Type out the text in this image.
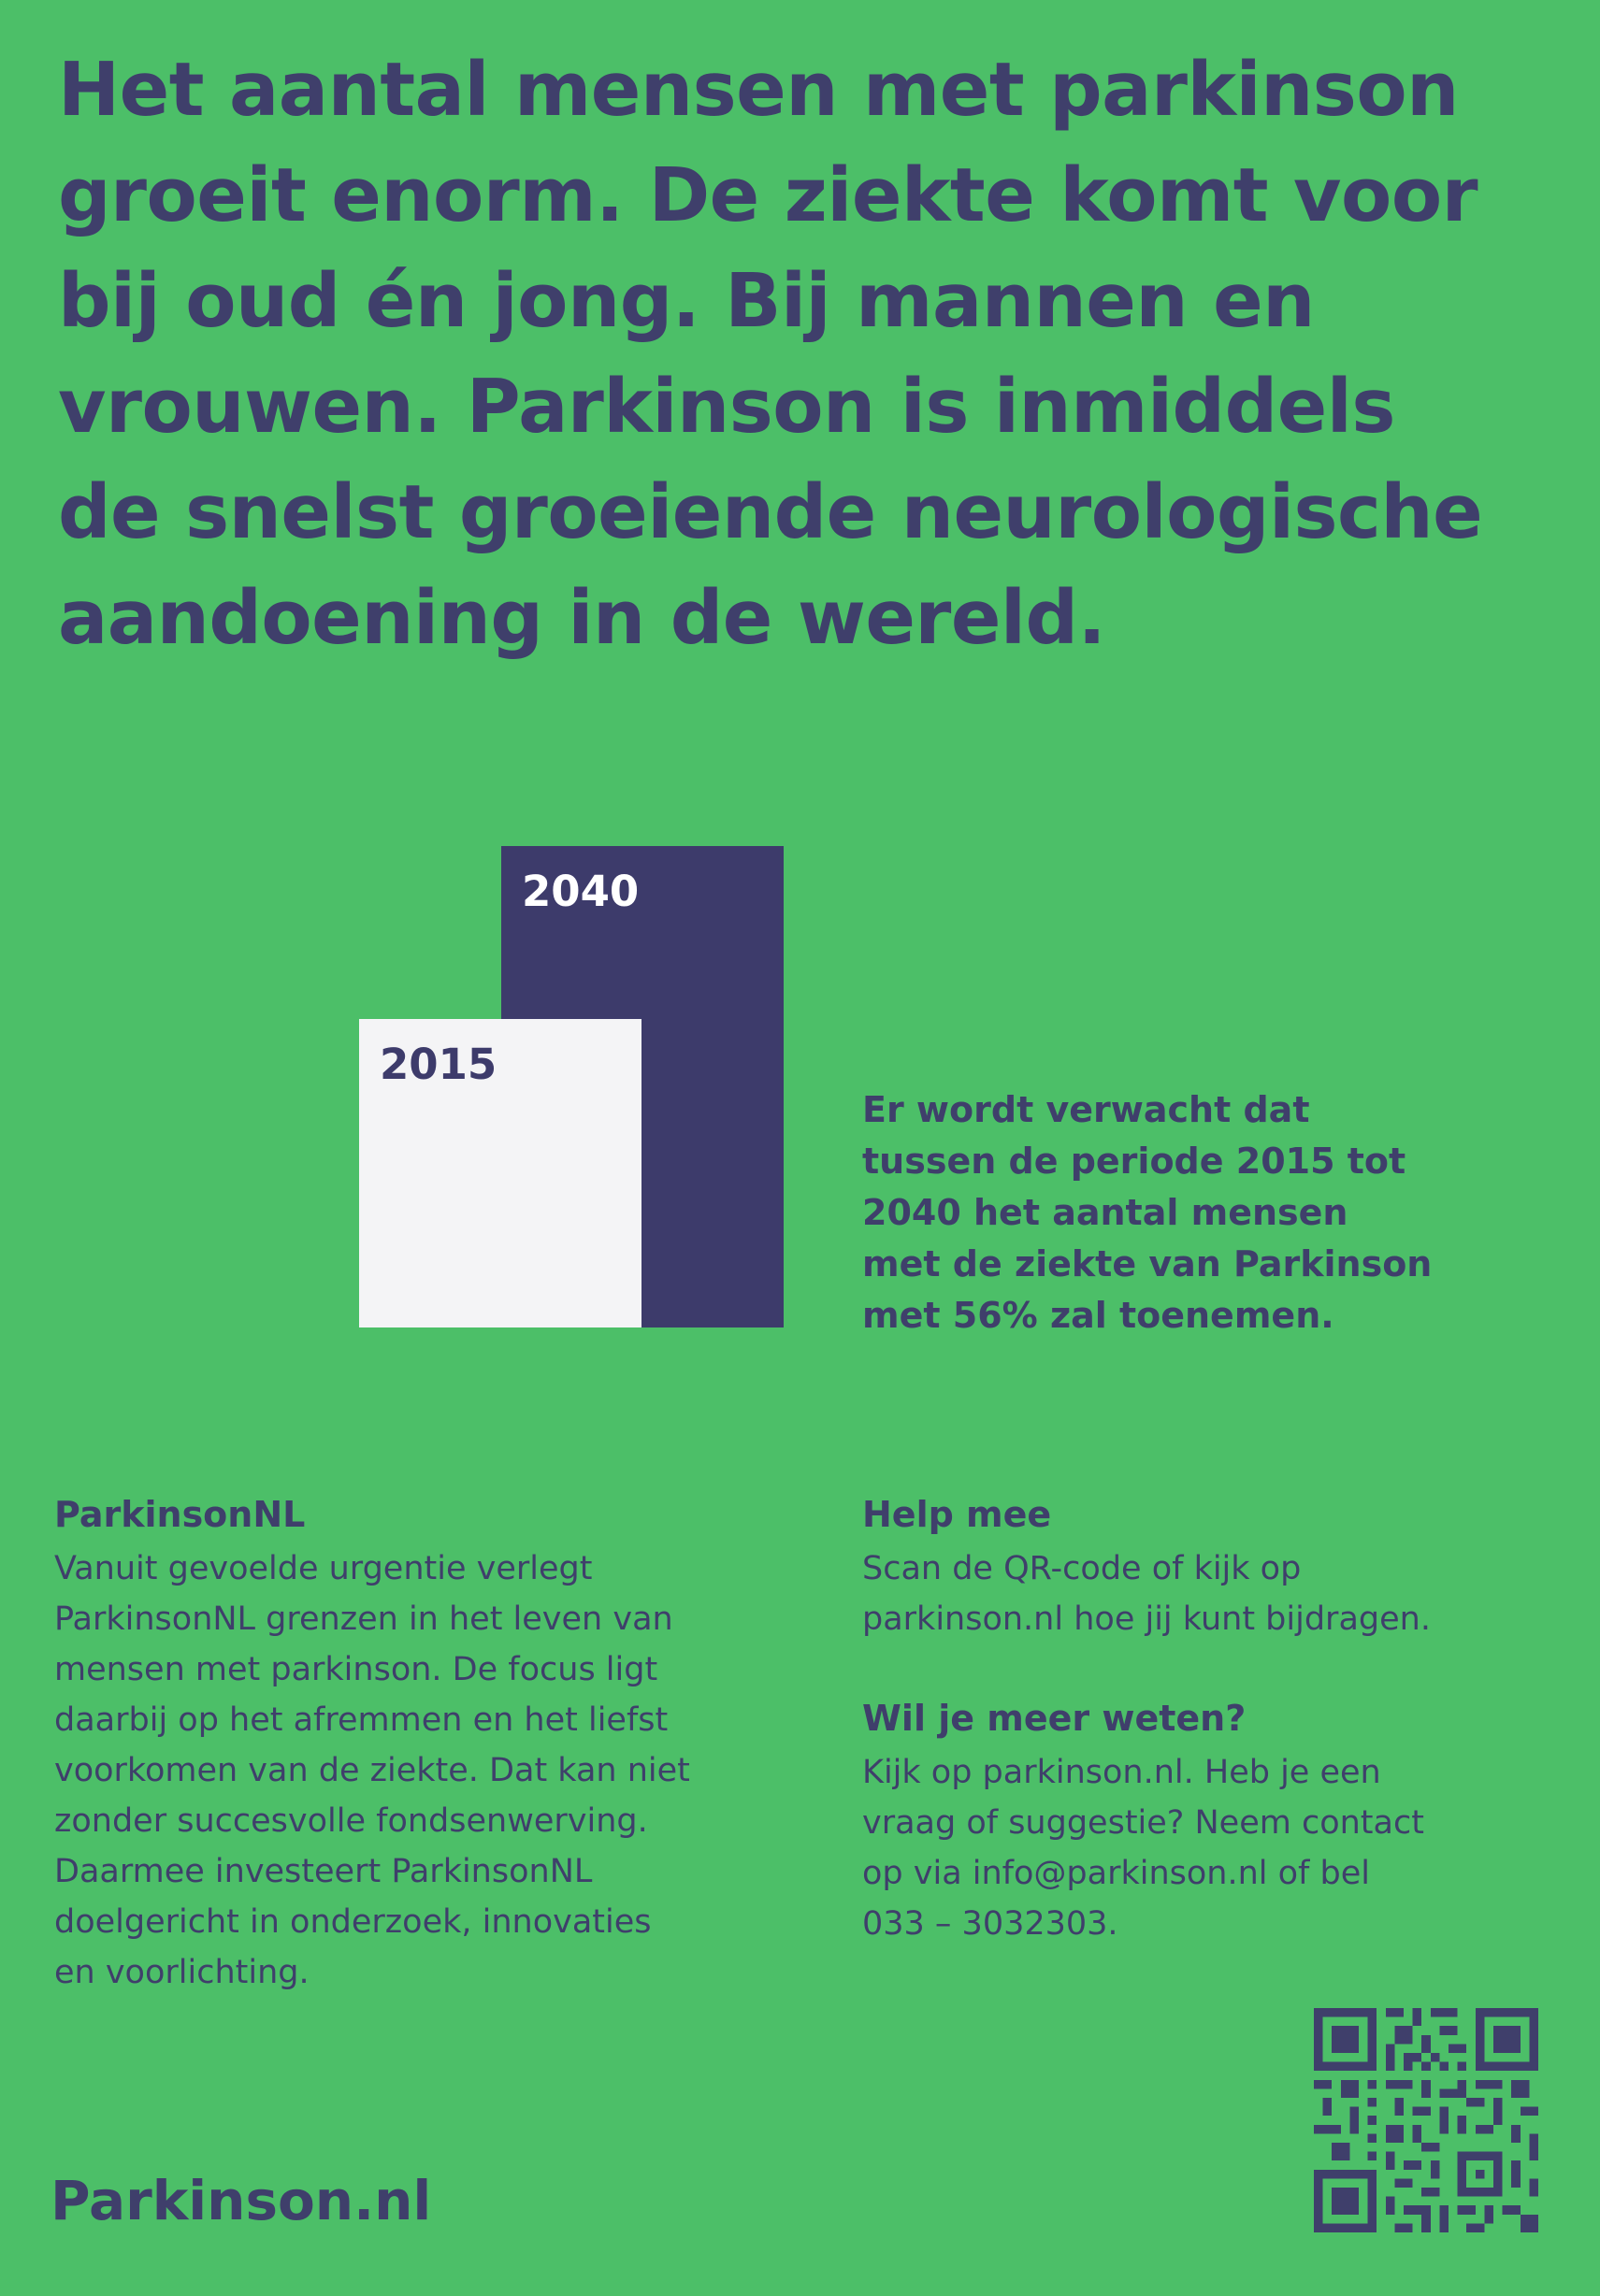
Het aantal mensen met parkinson
groeit enorm. De ziekte komt voor
bij oud én jong. Bij mannen en
vrouwen. Parkinson is inmiddels
de snelst groeiende neurologische
aandoening in de wereld.
2040
2015
Er wordt verwacht dat
tussen de periode 2015 tot
2040 het aantal mensen
met de ziekte van Parkinson
met 56% zal toenemen.
ParkinsonNL
Vanuit gevoelde urgentie verlegt
ParkinsonNL grenzen in het leven van
mensen met parkinson. De focus ligt
daarbij op het afremmen en het liefst
voorkomen van de ziekte. Dat kan niet
zonder succesvolle fondsenwerving.
Daarmee investeert ParkinsonNL
doelgericht in onderzoek, innovaties
en voorlichting.
Help mee
Scan de QR-code of kijk op
parkinson.nl hoe jij kunt bijdragen.
Wil je meer weten?
Kijk op parkinson.nl. Heb je een
vraag of suggestie? Neem contact
op via info@parkinson.nl of bel
033 – 3032303.
Parkinson.nl
